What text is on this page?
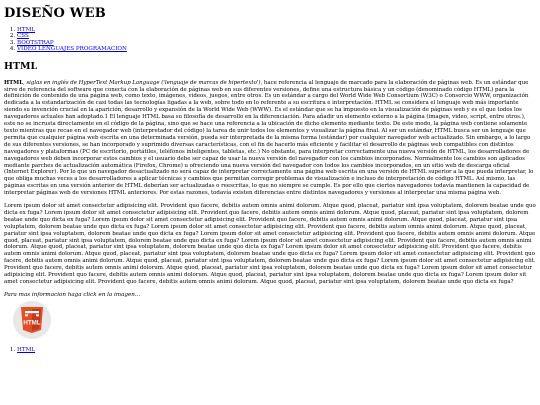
DISEÑO WEB
1. HTML
2. CSS
3. BOOTSTRAP
4. VIDEO LENGUAJES PROGRAMACION
HTML

HTML, siglas en inglés de HyperText Markup Language ('lenguaje de marcas de hipertexto'), hace referencia al lenguaje de marcado para la elaboración de páginas web. Es un estándar que sirve de referencia del software que conecta con la elaboración de páginas web en sus diferentes versiones, define una estructura básica y un código (denominado código HTML) para la definición de contenido de una página web, como texto, imágenes, videos, juegos, entre otros. Es un estándar a cargo del World Wide Web Consortium (W3C) o Consorcio WWW, organización dedicada a la estandarización de casi todas las tecnologías ligadas a la web, sobre todo en lo referente a su escritura e interpretación. HTML se considera el lenguaje web más importante siendo su invención crucial en la aparición, desarrollo y expansión de la World Wide Web (WWW). Es el estándar que se ha impuesto en la visualización de páginas web y es el que todos los navegadores actuales han adoptado.1 El lenguaje HTML basa su filosofía de desarrollo en la diferenciación. Para añadir un elemento externo a la página (imagen, video, script, entre otros.), este no se incrusta directamente en el código de la página, sino que se hace una referencia a la ubicación de dicho elemento mediante texto. De este modo, la página web contiene solamente texto mientras que recae en el navegador web (interpretador del código) la tarea de unir todos los elementos y visualizar la página final. Al ser un estándar, HTML busca ser un lenguaje que permita que cualquier página web escrita en una determinada versión, pueda ser interpretada de la misma forma (estándar) por cualquier navegador web actualizado. Sin embargo, a lo largo de sus diferentes versiones, se han incorporado y suprimido diversas características, con el fin de hacerlo más eficiente y facilitar el desarrollo de páginas web compatibles con distintos navegadores y plataformas (PC de escritorio, portátiles, teléfonos inteligentes, tabletas, etc.) No obstante, para interpretar correctamente una nueva versión de HTML, los desarrolladores de navegadores web deben incorporar estos cambios y el usuario debe ser capaz de usar la nueva versión del navegador con los cambios incorporados. Normalmente los cambios son aplicados mediante parches de actualización automática (Firefox, Chrome) u ofreciendo una nueva versión del navegador con todos los cambios incorporados, en un sitio web de descarga oficial (Internet Explorer). Por lo que un navegador desactualizado no será capaz de interpretar correctamente una página web escrita en una versión de HTML superior a la que pueda interpretar, lo que obliga muchas veces a los desarrolladores a aplicar técnicas y cambios que permitan corregir problemas de visualización e incluso de interpretación de código HTML. Así mismo, las páginas escritas en una versión anterior de HTML deberían ser actualizadas o reescritas, lo que no siempre se cumple. Es por ello que ciertos navegadores todavía mantienen la capacidad de interpretar páginas web de versiones HTML anteriores. Por estas razones, todavía existen diferencias entre distintos navegadores y versiones al interpretar una misma página web.

Lorem ipsum dolor sit amet consectetur adipisicing elit. Provident quo facere, debitis autem omnis animi dolorum. Atque quod, placeat, pariatur sint ipsa voluptatem, dolorem beatae unde quo dicta ex fuga? Lorem ipsum dolor sit amet consectetur adipisicing elit. Provident quo facere, debitis autem omnis animi dolorum. Atque quod, placeat, pariatur sint ipsa voluptatem, dolorem beatae unde quo dicta ex fuga? Lorem ipsum dolor sit amet consectetur adipisicing elit. Provident quo facere, debitis autem omnis animi dolorum. Atque quod, placeat, pariatur sint ipsa voluptatem, dolorem beatae unde quo dicta ex fuga? Lorem ipsum dolor sit amet consectetur adipisicing elit. Provident quo facere, debitis autem omnis animi dolorum. Atque quod, placeat, pariatur sint ipsa voluptatem, dolorem beatae unde quo dicta ex fuga? Lorem ipsum dolor sit amet consectetur adipisicing elit. Provident quo facere, debitis autem omnis animi dolorum. Atque quod, placeat, pariatur sint ipsa voluptatem, dolorem beatae unde quo dicta ex fuga? Lorem ipsum dolor sit amet consectetur adipisicing elit. Provident quo facere, debitis autem omnis animi dolorum. Atque quod, placeat, pariatur sint ipsa voluptatem, dolorem beatae unde quo dicta ex fuga? Lorem ipsum dolor sit amet consectetur adipisicing elit. Provident quo facere, debitis autem omnis animi dolorum. Atque quod, placeat, pariatur sint ipsa voluptatem, dolorem beatae unde quo dicta ex fuga? Lorem ipsum dolor sit amet consectetur adipisicing elit. Provident quo facere, debitis autem omnis animi dolorum. Atque quod, placeat, pariatur sint ipsa voluptatem, dolorem beatae unde quo dicta ex fuga? Lorem ipsum dolor sit amet consectetur adipisicing elit. Provident quo facere, debitis autem omnis animi dolorum. Atque quod, placeat, pariatur sint ipsa voluptatem, dolorem beatae unde quo dicta ex fuga? Lorem ipsum dolor sit amet consectetur adipisicing elit. Provident quo facere, debitis autem omnis animi dolorum. Atque quod, placeat, pariatur sint ipsa voluptatem, dolorem beatae unde quo dicta ex fuga? Lorem ipsum dolor sit amet consectetur adipisicing elit. Provident quo facere, debitis autem omnis animi dolorum. Atque quod, placeat, pariatur sint ipsa voluptatem, dolorem beatae unde quo dicta ex fuga?

Para mas informacion haga click en la imagen...

HTML
1. HTML
